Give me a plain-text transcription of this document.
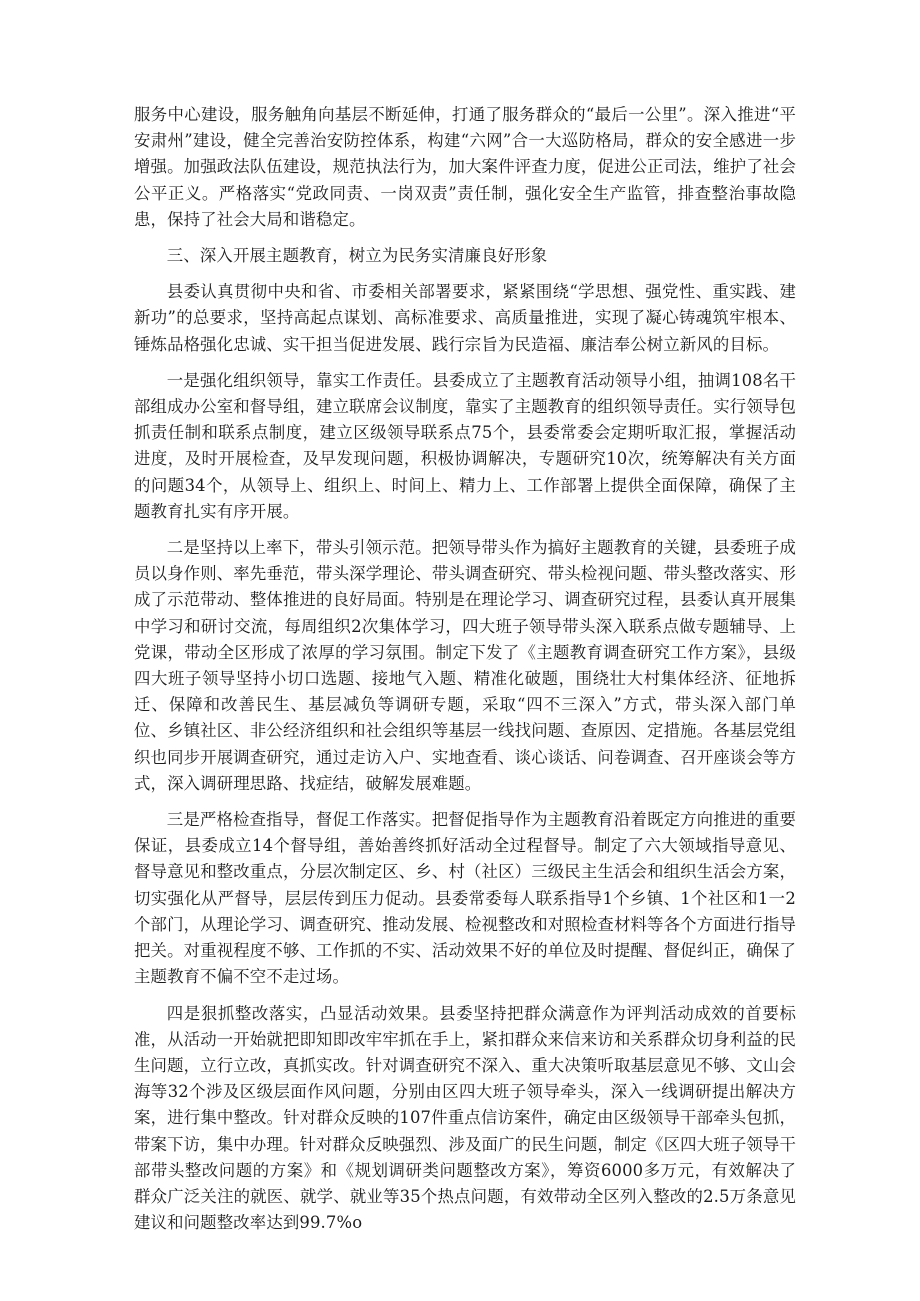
服务中心建设，服务触角向基层不断延伸，打通了服务群众的“最后一公里”。深入推进“平安肃州”建设，健全完善治安防控体系，构建“六网”合一大巡防格局，群众的安全感进一步增强。加强政法队伍建设，规范执法行为，加大案件评查力度，促进公正司法，维护了社会公平正义。严格落实“党政同责、一岗双责”责任制，强化安全生产监管，排查整治事故隐患，保持了社会大局和谐稳定。

三、深入开展主题教育，树立为民务实清廉良好形象

县委认真贯彻中央和省、市委相关部署要求，紧紧围绕“学思想、强党性、重实践、建新功”的总要求，坚持高起点谋划、高标准要求、高质量推进，实现了凝心铸魂筑牢根本、锤炼品格强化忠诚、实干担当促进发展、践行宗旨为民造福、廉洁奉公树立新风的目标。

一是强化组织领导，靠实工作责任。县委成立了主题教育活动领导小组，抽调108名干部组成办公室和督导组，建立联席会议制度，靠实了主题教育的组织领导责任。实行领导包抓责任制和联系点制度，建立区级领导联系点75个，县委常委会定期听取汇报，掌握活动进度，及时开展检查，及早发现问题，积极协调解决，专题研究10次，统筹解决有关方面的问题34个，从领导上、组织上、时间上、精力上、工作部署上提供全面保障，确保了主题教育扎实有序开展。

二是坚持以上率下，带头引领示范。把领导带头作为搞好主题教育的关键，县委班子成员以身作则、率先垂范，带头深学理论、带头调查研究、带头检视问题、带头整改落实、形成了示范带动、整体推进的良好局面。特别是在理论学习、调查研究过程，县委认真开展集中学习和研讨交流，每周组织2次集体学习，四大班子领导带头深入联系点做专题辅导、上党课，带动全区形成了浓厚的学习氛围。制定下发了《主题教育调查研究工作方案》，县级四大班子领导坚持小切口选题、接地气入题、精准化破题，围绕壮大村集体经济、征地拆迁、保障和改善民生、基层减负等调研专题，采取“四不三深入”方式，带头深入部门单位、乡镇社区、非公经济组织和社会组织等基层一线找问题、查原因、定措施。各基层党组织也同步开展调查研究，通过走访入户、实地查看、谈心谈话、问卷调查、召开座谈会等方式，深入调研理思路、找症结，破解发展难题。

三是严格检查指导，督促工作落实。把督促指导作为主题教育沿着既定方向推进的重要保证，县委成立14个督导组，善始善终抓好活动全过程督导。制定了六大领域指导意见、督导意见和整改重点，分层次制定区、乡、村（社区）三级民主生活会和组织生活会方案，切实强化从严督导，层层传到压力促动。县委常委每人联系指导1个乡镇、1个社区和1一2个部门，从理论学习、调查研究、推动发展、检视整改和对照检查材料等各个方面进行指导把关。对重视程度不够、工作抓的不实、活动效果不好的单位及时提醒、督促纠正，确保了主题教育不偏不空不走过场。

四是狠抓整改落实，凸显活动效果。县委坚持把群众满意作为评判活动成效的首要标准，从活动一开始就把即知即改牢牢抓在手上，紧扣群众来信来访和关系群众切身利益的民生问题，立行立改，真抓实改。针对调查研究不深入、重大决策听取基层意见不够、文山会海等32个涉及区级层面作风问题，分别由区四大班子领导牵头，深入一线调研提出解决方案，进行集中整改。针对群众反映的107件重点信访案件，确定由区级领导干部牵头包抓，带案下访，集中办理。针对群众反映强烈、涉及面广的民生问题，制定《区四大班子领导干部带头整改问题的方案》和《规划调研类问题整改方案》，筹资6000多万元，有效解决了群众广泛关注的就医、就学、就业等35个热点问题，有效带动全区列入整改的2.5万条意见建议和问题整改率达到99.7%o
